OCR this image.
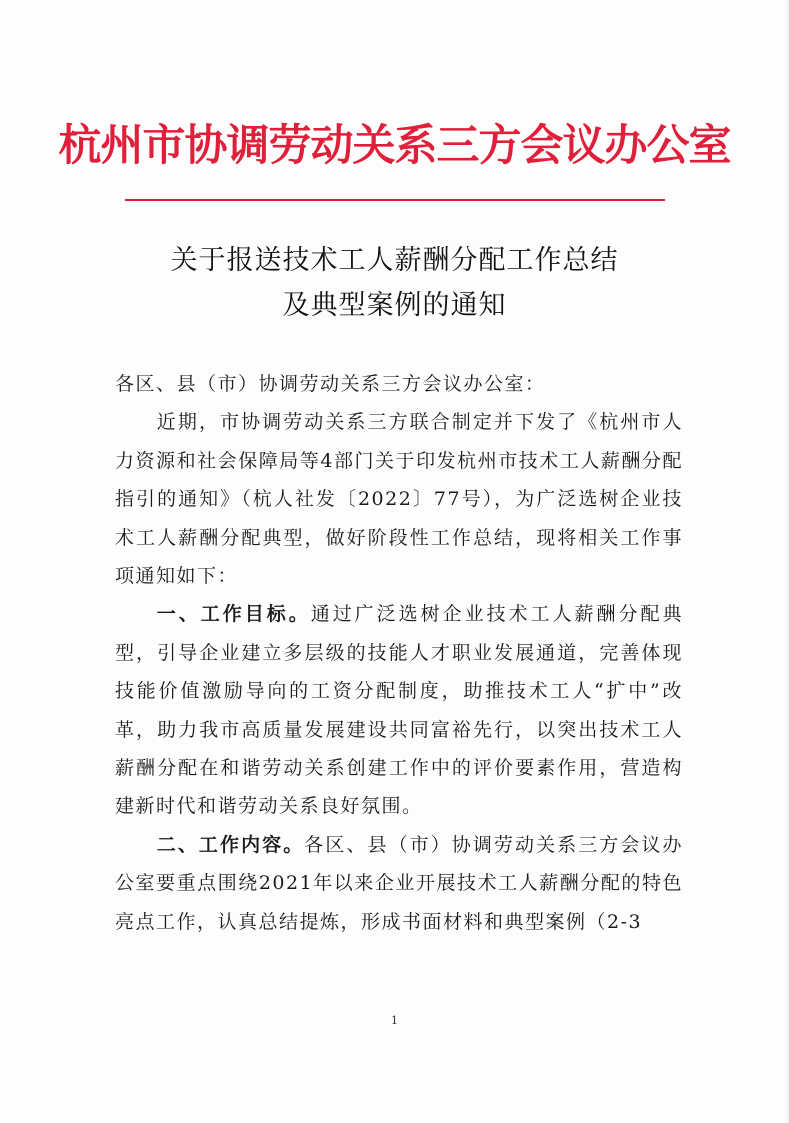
杭州市协调劳动关系三方会议办公室
关于报送技术工人薪酬分配工作总结
及典型案例的通知

各区、县（市）协调劳动关系三方会议办公室：

近期，市协调劳动关系三方联合制定并下发了《杭州市人力资源和社会保障局等4部门关于印发杭州市技术工人薪酬分配指引的通知》（杭人社发〔2022〕77号），为广泛选树企业技术工人薪酬分配典型，做好阶段性工作总结，现将相关工作事项通知如下：

一、工作目标。通过广泛选树企业技术工人薪酬分配典型，引导企业建立多层级的技能人才职业发展通道，完善体现技能价值激励导向的工资分配制度，助推技术工人“扩中”改革，助力我市高质量发展建设共同富裕先行，以突出技术工人薪酬分配在和谐劳动关系创建工作中的评价要素作用，营造构建新时代和谐劳动关系良好氛围。

二、工作内容。各区、县（市）协调劳动关系三方会议办公室要重点围绕2021年以来企业开展技术工人薪酬分配的特色亮点工作，认真总结提炼，形成书面材料和典型案例（2-3

1
